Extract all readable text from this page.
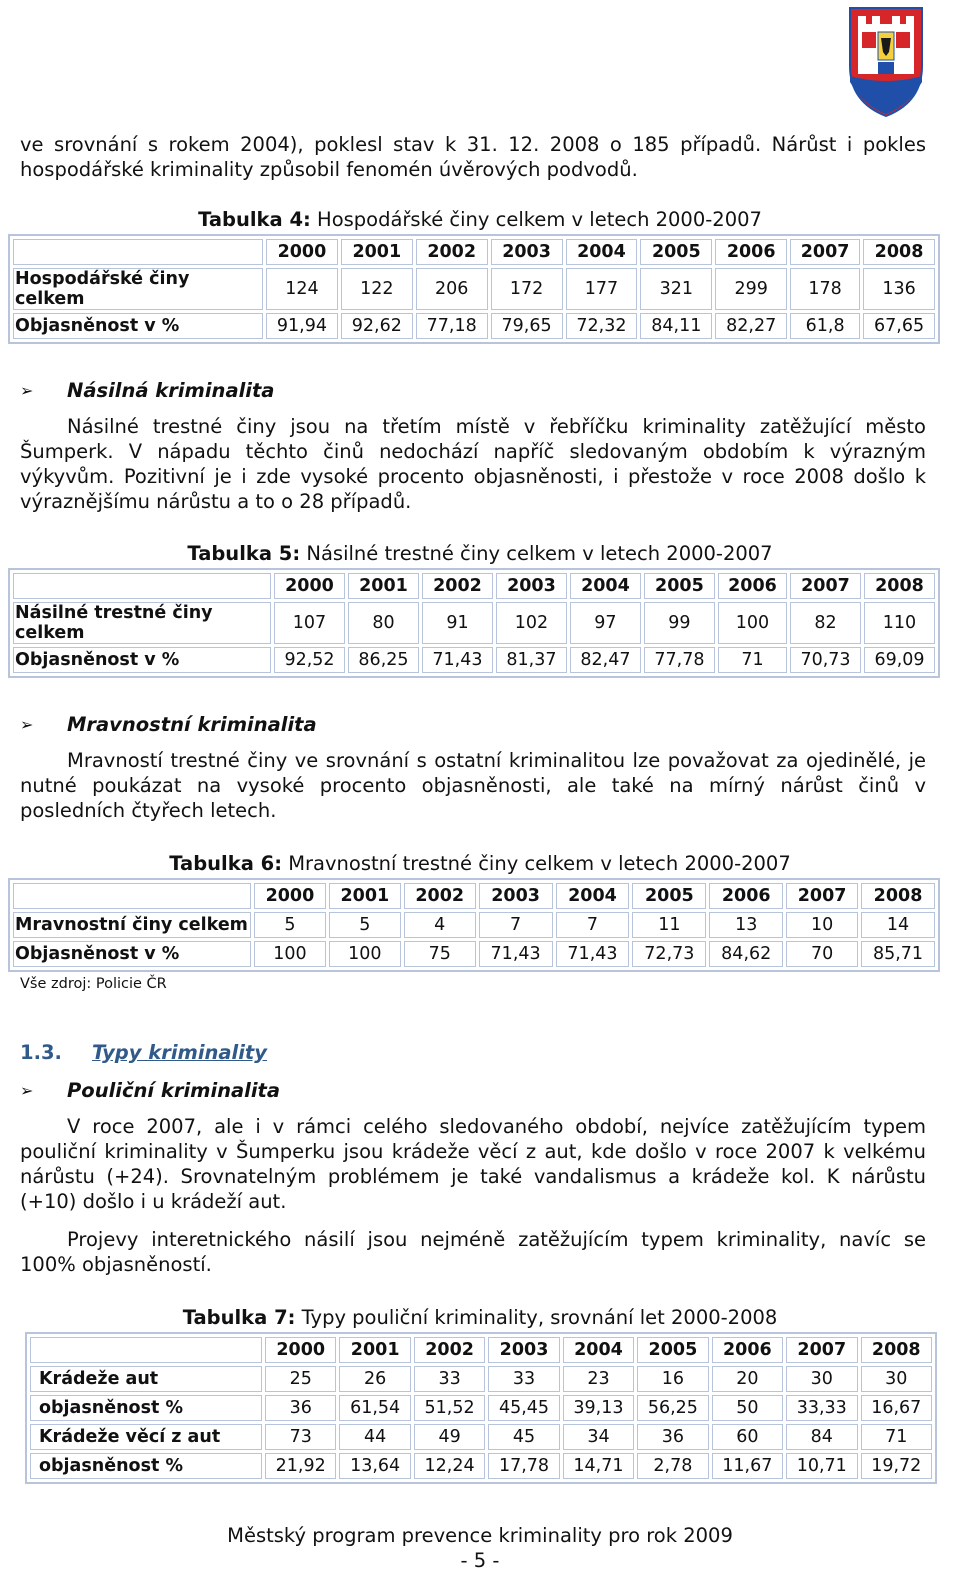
ve srovnání s rokem 2004), poklesl stav k 31. 12. 2008 o 185 případů. Nárůst i pokles hospodářské kriminality způsobil fenomén úvěrových podvodů.

Tabulka 4: Hospodářské činy celkem v letech 2000-2007
	2000	2001	2002	2003	2004	2005	2006	2007	2008
Hospodářské činy celkem	124	122	206	172	177	321	299	178	136
Objasněnost v %	91,94	92,62	77,18	79,65	72,32	84,11	82,27	61,8	67,65
➢	Násilná kriminalita

Násilné trestné činy jsou na třetím místě v řebříčku kriminality zatěžující město Šumperk. V nápadu těchto činů nedochází napříč sledovaným obdobím k výrazným výkyvům. Pozitivní je i zde vysoké procento objasněnosti, i přestože v roce 2008 došlo k výraznějšímu nárůstu a to o 28 případů.

Tabulka 5: Násilné trestné činy celkem v letech 2000-2007
	2000	2001	2002	2003	2004	2005	2006	2007	2008
Násilné trestné činy celkem	107	80	91	102	97	99	100	82	110
Objasněnost v %	92,52	86,25	71,43	81,37	82,47	77,78	71	70,73	69,09
➢	Mravnostní kriminalita

Mravností trestné činy ve srovnání s ostatní kriminalitou lze považovat za ojedinělé, je nutné poukázat na vysoké procento objasněnosti, ale také na mírný nárůst činů v posledních čtyřech letech.

Tabulka 6: Mravnostní trestné činy celkem v letech 2000-2007
	2000	2001	2002	2003	2004	2005	2006	2007	2008
Mravnostní činy celkem	5	5	4	7	7	11	13	10	14
Objasněnost v %	100	100	75	71,43	71,43	72,73	84,62	70	85,71
Vše zdroj: Policie ČR
1.3. Typy kriminality
➢	Pouliční kriminalita

V roce 2007, ale i v rámci celého sledovaného období, nejvíce zatěžujícím typem pouliční kriminality v Šumperku jsou krádeže věcí z aut, kde došlo v roce 2007 k velkému nárůstu (+24). Srovnatelným problémem je také vandalismus a krádeže kol. K nárůstu (+10) došlo i u krádeží aut.

Projevy interetnického násilí jsou nejméně zatěžujícím typem kriminality, navíc se 100% objasněností.

Tabulka 7: Typy pouliční kriminality, srovnání let 2000-2008
	2000	2001	2002	2003	2004	2005	2006	2007	2008
Krádeže aut	25	26	33	33	23	16	20	30	30
objasněnost %	36	61,54	51,52	45,45	39,13	56,25	50	33,33	16,67
Krádeže věcí z aut	73	44	49	45	34	36	60	84	71
objasněnost %	21,92	13,64	12,24	17,78	14,71	2,78	11,67	10,71	19,72
Městský program prevence kriminality pro rok 2009
- 5 -
